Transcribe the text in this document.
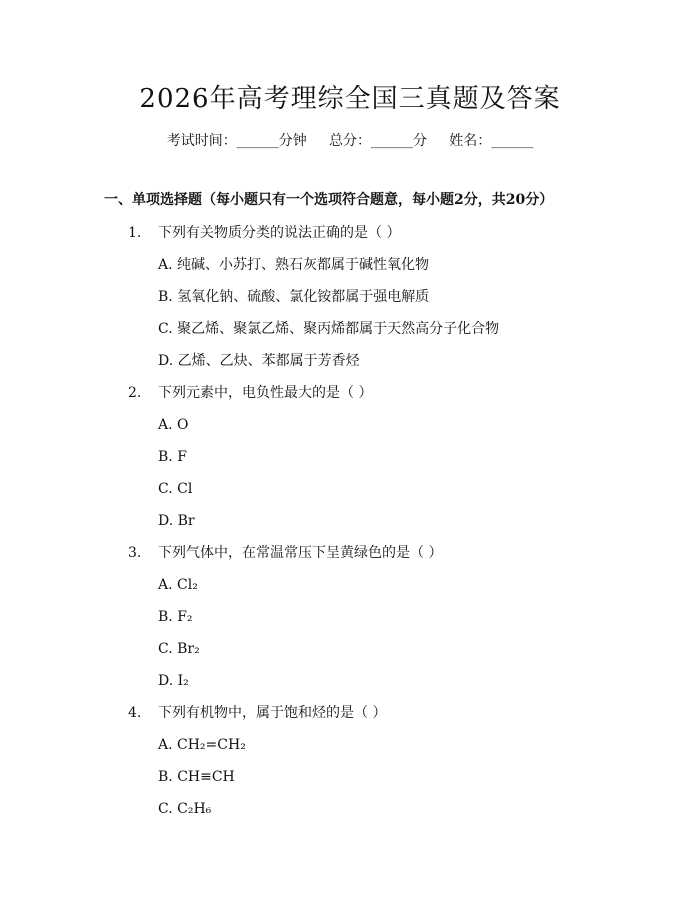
2026年高考理综全国三真题及答案
考试时间：______分钟     总分：______分     姓名：______
一、单项选择题（每小题只有一个选项符合题意，每小题2分，共20分）
1. 下列有关物质分类的说法正确的是（ ）
A. 纯碱、小苏打、熟石灰都属于碱性氧化物
B. 氢氧化钠、硫酸、氯化铵都属于强电解质
C. 聚乙烯、聚氯乙烯、聚丙烯都属于天然高分子化合物
D. 乙烯、乙炔、苯都属于芳香烃
2. 下列元素中，电负性最大的是（ ）
A. O
B. F
C. Cl
D. Br
3. 下列气体中，在常温常压下呈黄绿色的是（ ）
A. Cl₂
B. F₂
C. Br₂
D. I₂
4. 下列有机物中，属于饱和烃的是（ ）
A. CH₂=CH₂
B. CH≡CH
C. C₂H₆
